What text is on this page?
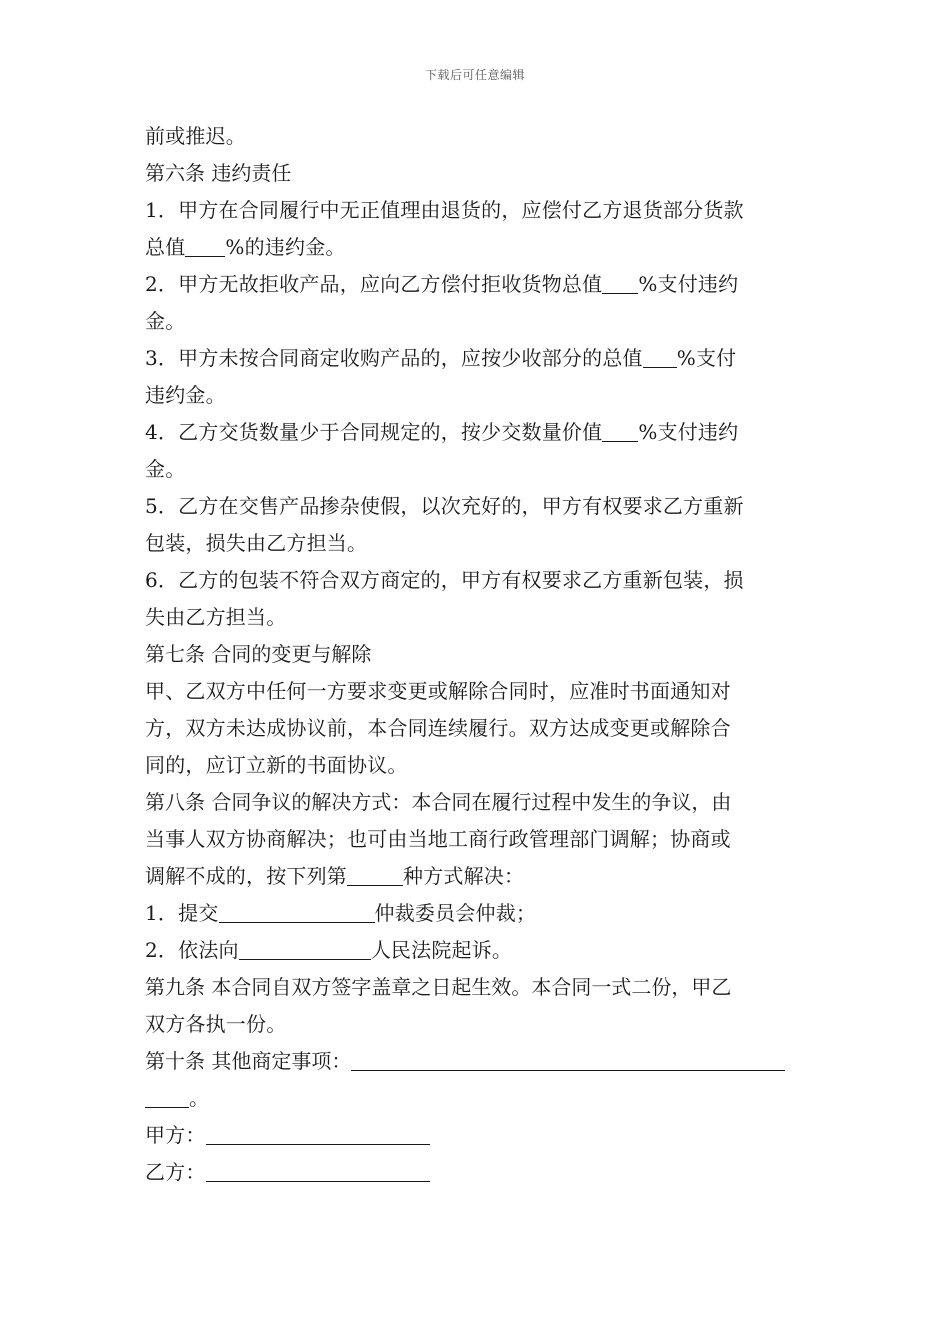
下载后可任意编辑
前或推迟。
第六条 违约责任
1．甲方在合同履行中无正值理由退货的，应偿付乙方退货部分货款
总值 %的违约金。
2．甲方无故拒收产品，应向乙方偿付拒收货物总值 %支付违约
金。
3．甲方未按合同商定收购产品的，应按少收部分的总值 %支付
违约金。
4．乙方交货数量少于合同规定的，按少交数量价值 %支付违约
金。
5．乙方在交售产品掺杂使假，以次充好的，甲方有权要求乙方重新
包装，损失由乙方担当。
6．乙方的包装不符合双方商定的，甲方有权要求乙方重新包装，损
失由乙方担当。
第七条 合同的变更与解除
甲、乙双方中任何一方要求变更或解除合同时，应准时书面通知对
方，双方未达成协议前，本合同连续履行。双方达成变更或解除合
同的，应订立新的书面协议。
第八条 合同争议的解决方式：本合同在履行过程中发生的争议，由
当事人双方协商解决；也可由当地工商行政管理部门调解；协商或
调解不成的，按下列第	种方式解决：
1．提交	仲裁委员会仲裁；
2．依法向	人民法院起诉。
第九条 本合同自双方签字盖章之日起生效。本合同一式二份，甲乙
双方各执一份。
第十条 其他商定事项：
。
甲方：
乙方：
